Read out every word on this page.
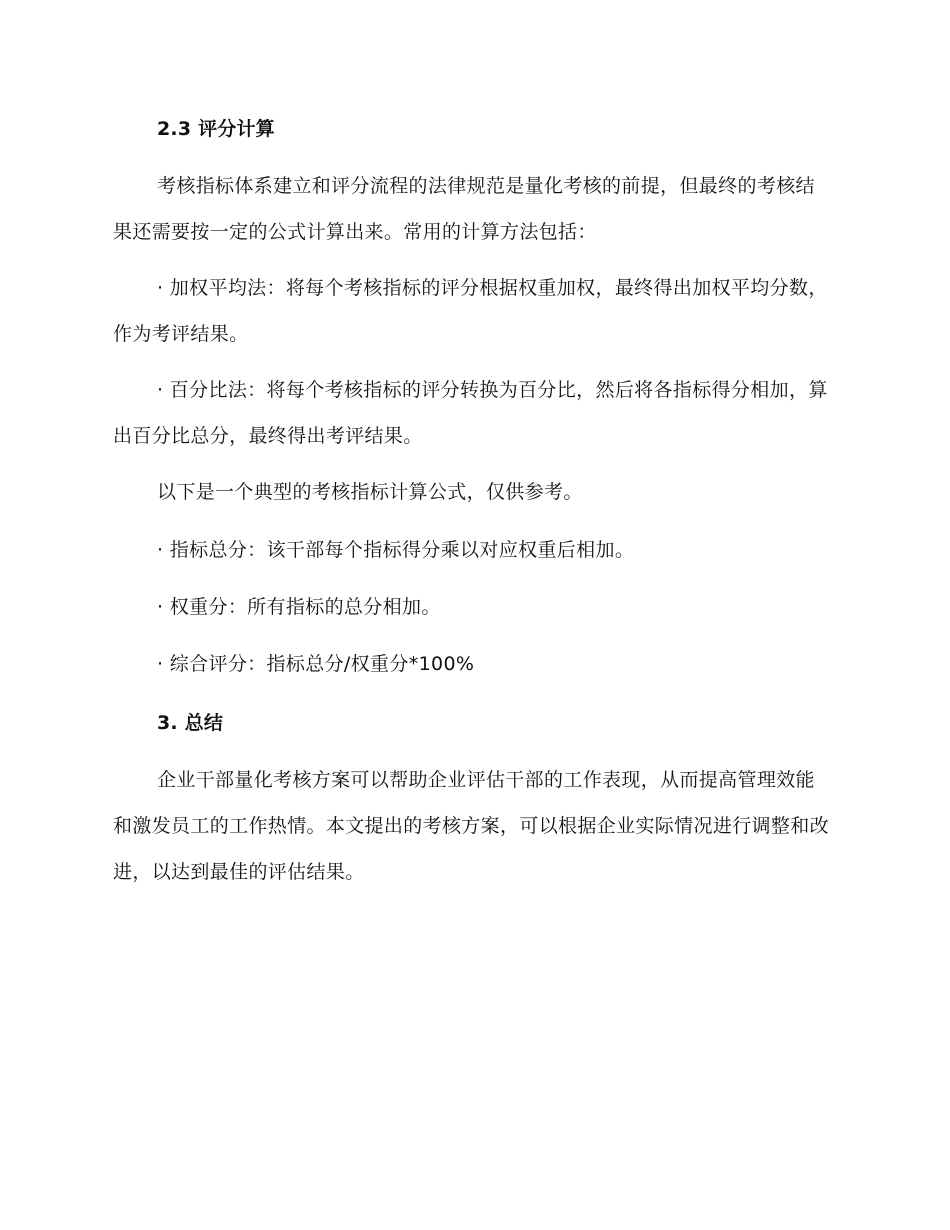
2.3 评分计算

考核指标体系建立和评分流程的法律规范是量化考核的前提，但最终的考核结果还需要按一定的公式计算出来。常用的计算方法包括：

· 加权平均法：将每个考核指标的评分根据权重加权，最终得出加权平均分数，作为考评结果。

· 百分比法：将每个考核指标的评分转换为百分比，然后将各指标得分相加，算出百分比总分，最终得出考评结果。

以下是一个典型的考核指标计算公式，仅供参考。

· 指标总分：该干部每个指标得分乘以对应权重后相加。

· 权重分：所有指标的总分相加。

· 综合评分：指标总分/权重分*100%

3. 总结

企业干部量化考核方案可以帮助企业评估干部的工作表现，从而提高管理效能和激发员工的工作热情。本文提出的考核方案，可以根据企业实际情况进行调整和改进，以达到最佳的评估结果。
